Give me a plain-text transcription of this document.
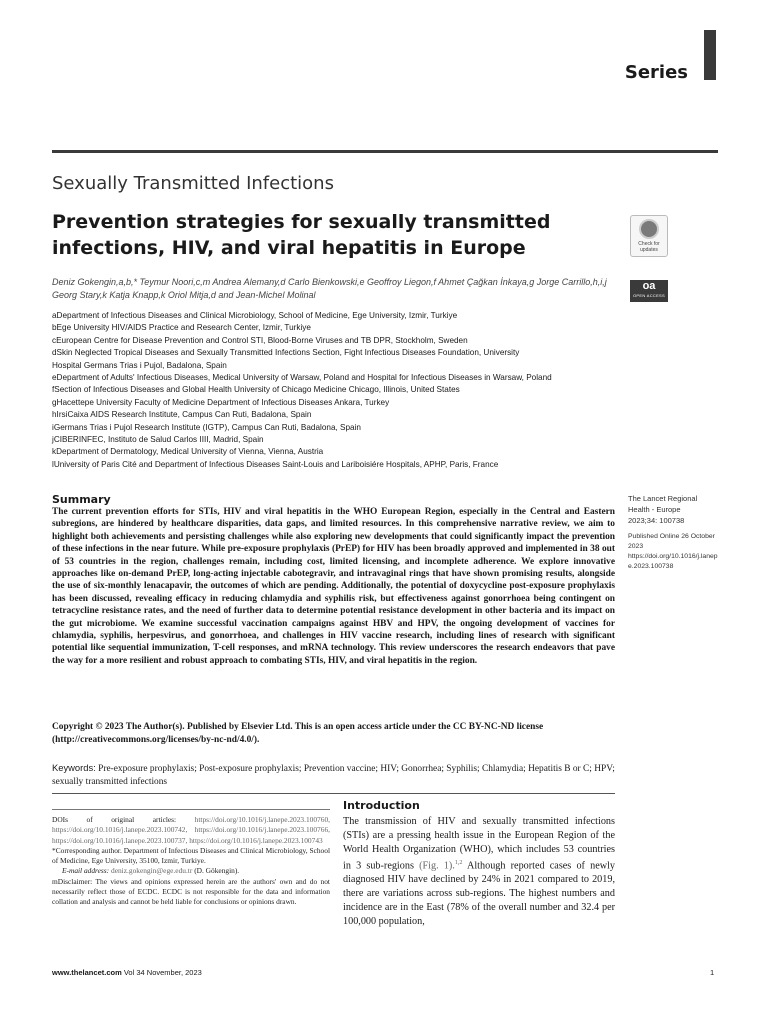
Series
Sexually Transmitted Infections
Prevention strategies for sexually transmitted infections, HIV, and viral hepatitis in Europe	Check for updates
oa
OPEN ACCESS
Deniz Gokengin,a,b,* Teymur Noori,c,m Andrea Alemany,d Carlo Bienkowski,e Geoffroy Liegon,f Ahmet Çağkan İnkaya,g Jorge Carrillo,h,i,j Georg Stary,k Katja Knapp,k Oriol Mitja,d and Jean-Michel Molinal
aDepartment of Infectious Diseases and Clinical Microbiology, School of Medicine, Ege University, Izmir, Turkiye
bEge University HIV/AIDS Practice and Research Center, Izmir, Turkiye
cEuropean Centre for Disease Prevention and Control STI, Blood-Borne Viruses and TB DPR, Stockholm, Sweden
dSkin Neglected Tropical Diseases and Sexually Transmitted Infections Section, Fight Infectious Diseases Foundation, University
Hospital Germans Trias i Pujol, Badalona, Spain
eDepartment of Adults' Infectious Diseases, Medical University of Warsaw, Poland and Hospital for Infectious Diseases in Warsaw, Poland
fSection of Infectious Diseases and Global Health University of Chicago Medicine Chicago, Illinois, United States
gHacettepe University Faculty of Medicine Department of Infectious Diseases Ankara, Turkey
hIrsiCaixa AIDS Research Institute, Campus Can Ruti, Badalona, Spain
iGermans Trias i Pujol Research Institute (IGTP), Campus Can Ruti, Badalona, Spain
jCIBERINFEC, Instituto de Salud Carlos IIII, Madrid, Spain
kDepartment of Dermatology, Medical University of Vienna, Vienna, Austria
lUniversity of Paris Cité and Department of Infectious Diseases Saint-Louis and Lariboisiére Hospitals, APHP, Paris, France
Summary

The current prevention efforts for STIs, HIV and viral hepatitis in the WHO European Region, especially in the Central and Eastern subregions, are hindered by healthcare disparities, data gaps, and limited resources. In this comprehensive narrative review, we aim to highlight both achievements and persisting challenges while also exploring new developments that could significantly impact the prevention of these infections in the near future. While pre-exposure prophylaxis (PrEP) for HIV has been broadly approved and implemented in 38 out of 53 countries in the region, challenges remain, including cost, limited licensing, and incomplete adherence. We explore innovative approaches like on-demand PrEP, long-acting injectable cabotegravir, and intravaginal rings that have shown promising results, alongside the use of six-monthly lenacapavir, the outcomes of which are pending. Additionally, the potential of doxycycline post-exposure prophylaxis has been discussed, revealing efficacy in reducing chlamydia and syphilis risk, but effectiveness against gonorrhoea being contingent on tetracycline resistance rates, and the need of further data to determine potential resistance development in other bacteria and its impact on the gut microbiome. We examine successful vaccination campaigns against HBV and HPV, the ongoing development of vaccines for chlamydia, syphilis, herpesvirus, and gonorrhoea, and challenges in HIV vaccine research, including lines of research with significant potential like sequential immunization, T-cell responses, and mRNA technology. This review underscores the research endeavors that pave the way for a more resilient and robust approach to combating STIs, HIV, and viral hepatitis in the region.

The Lancet Regional
Health - Europe
2023;34: 100738
Published Online 26 October 2023
https://doi.org/10.1016/j.lanepe.2023.100738

Copyright © 2023 The Author(s). Published by Elsevier Ltd. This is an open access article under the CC BY-NC-ND license (http://creativecommons.org/licenses/by-nc-nd/4.0/).

Keywords: Pre-exposure prophylaxis; Post-exposure prophylaxis; Prevention vaccine; HIV; Gonorrhea; Syphilis; Chlamydia; Hepatitis B or C; HPV; sexually transmitted infections

DOIs of original articles:	https://doi.org/10.1016/j.lanepe.2023.100760, https://doi.org/10.1016/j.lanepe.2023.100742, https://doi.org/10.1016/j.lanepe.2023.100766, https://doi.org/10.1016/j.lanepe.2023.100737, https://doi.org/10.1016/j.lanepe.2023.100743

*Corresponding author. Department of Infectious Diseases and Clinical Microbiology, School of Medicine, Ege University, 35100, Izmir, Turkiye.

E-mail address: deniz.gokengin@ege.edu.tr (D. Gökengin).

mDisclaimer: The views and opinions expressed herein are the authors' own and do not necessarily reflect those of ECDC. ECDC is not responsible for the data and information collation and analysis and cannot be held liable for conclusions or opinions drawn.

Introduction

The transmission of HIV and sexually transmitted infections (STIs) are a pressing health issue in the European Region of the World Health Organization (WHO), which includes 53 countries in 3 sub-regions (Fig. 1).$^{1,2}$ Although reported cases of newly diagnosed HIV have declined by 24% in 2021 compared to 2019, there are variations across sub-regions. The highest numbers and incidence are in the East (78% of the overall number and 32.4 per 100,000 population,

www.thelancet.com Vol 34 November, 2023	1
